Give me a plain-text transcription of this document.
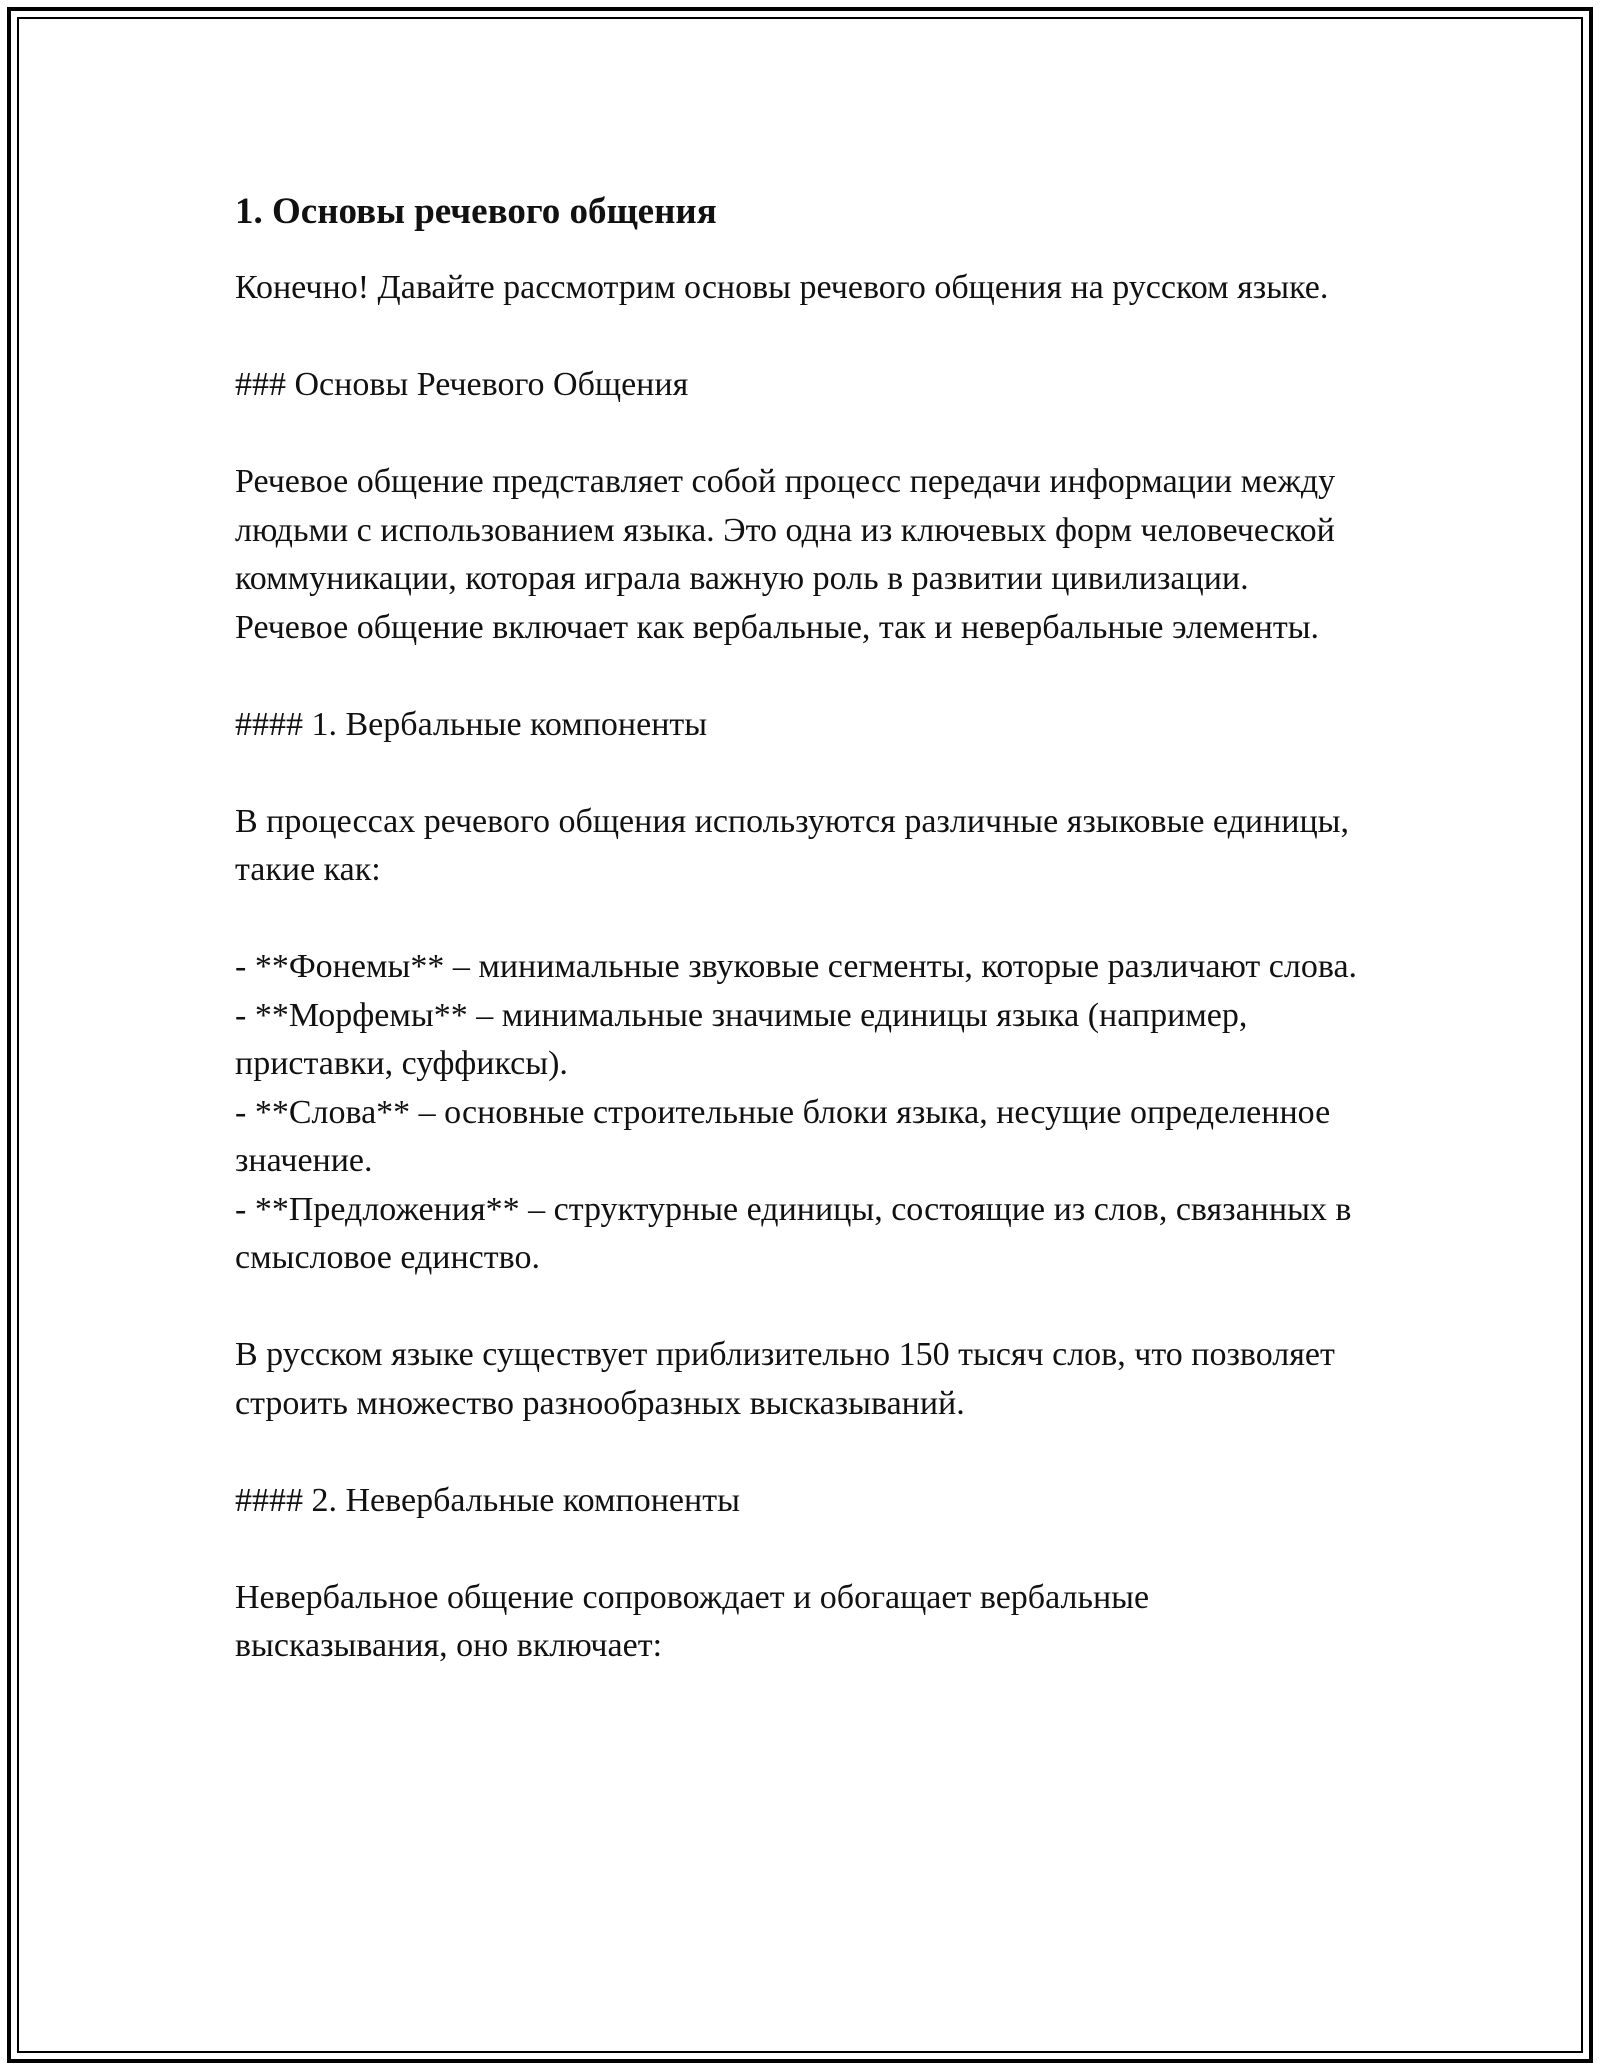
1. Основы речевого общения

Конечно! Давайте рассмотрим основы речевого общения на русском языке.

### Основы Речевого Общения

Речевое общение представляет собой процесс передачи информации между людьми с использованием языка. Это одна из ключевых форм человеческой коммуникации, которая играла важную роль в развитии цивилизации. Речевое общение включает как вербальные, так и невербальные элементы.

#### 1. Вербальные компоненты

В процессах речевого общения используются различные языковые единицы, такие как:

- **Фонемы** – минимальные звуковые сегменты, которые различают слова.

- **Морфемы** – минимальные значимые единицы языка (например, приставки, суффиксы).

- **Слова** – основные строительные блоки языка, несущие определенное значение.

- **Предложения** – структурные единицы, состоящие из слов, связанных в смысловое единство.

В русском языке существует приблизительно 150 тысяч слов, что позволяет строить множество разнообразных высказываний.

#### 2. Невербальные компоненты

Невербальное общение сопровождает и обогащает вербальные высказывания, оно включает:
